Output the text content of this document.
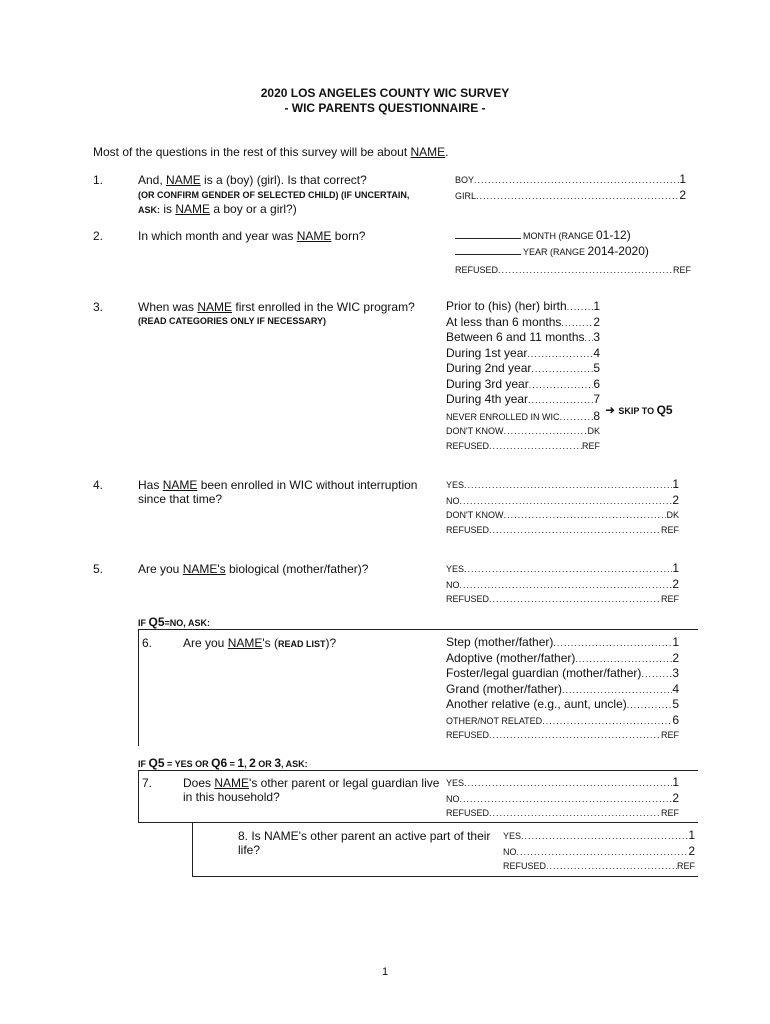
2020 LOS ANGELES COUNTY WIC SURVEY
- WIC PARENTS QUESTIONNAIRE -
Most of the questions in the rest of this survey will be about NAME.
1.	And, NAME is a (boy) (girl). Is that correct?
(OR CONFIRM GENDER OF SELECTED CHILD) (IF UNCERTAIN,
ASK: is NAME a boy or a girl?)
BOY .....	1
GIRL .....	2
2.	In which month and year was NAME born?	MONTH (RANGE 01-12)
YEAR (RANGE 2014-2020)
REFUSED .....	REF
3.	When was NAME first enrolled in the WIC program?
(READ CATEGORIES ONLY IF NECESSARY)
Prior to (his) (her) birth ..... 1
At less than 6 months .....	2
Between 6 and 11 months ..... 3
During 1st year .....	4
During 2nd year .....	5
During 3rd year .....	6
During 4th year .....	7
NEVER ENROLLED IN WIC .....	8
DON'T KNOW .....	DK
REFUSED .....	REF
➜ SKIP TO Q5
4.	Has NAME been enrolled in WIC without interruption
since that time?
YES .....	1
NO .....	2
DON'T KNOW .....	DK
REFUSED .....	REF
5.	Are you NAME's biological (mother/father)?	YES .....	1
NO .....	2
REFUSED .....	REF
IF Q5=NO, ASK:
6.	Are you NAME's (READ LIST)?	Step (mother/father) .....	1
Adoptive (mother/father) .....	2
Foster/legal guardian (mother/father) .....	3
Grand (mother/father) .....	4
Another relative (e.g., aunt, uncle) .....	5
OTHER/NOT RELATED .....	6
REFUSED .....	REF
IF Q5 = YES OR Q6 = 1, 2 OR 3, ASK:
7.	Does NAME's other parent or legal guardian live
in this household?
YES .....	1
NO .....	2
REFUSED .....	REF
8. Is NAME's other parent an active part of their
life?
YES .....	1
NO .....	2
REFUSED .....	REF
1
